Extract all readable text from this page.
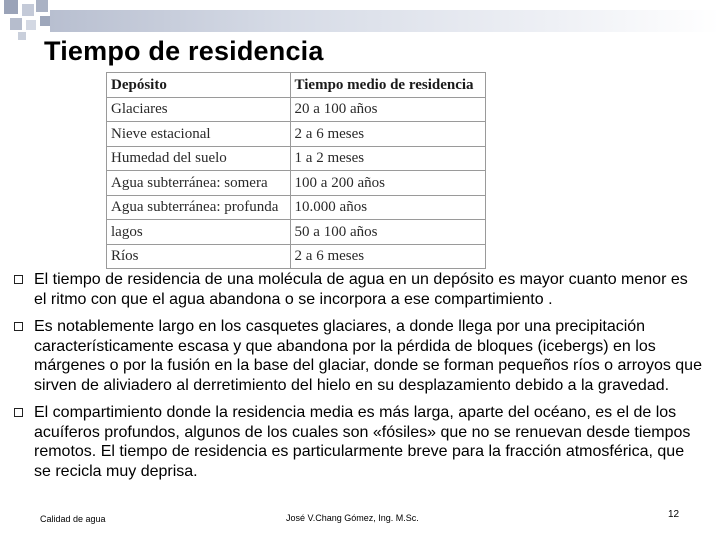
Tiempo de residencia
Depósito	Tiempo medio de residencia
Glaciares	20 a 100 años
Nieve estacional	2 a 6 meses
Humedad del suelo	1 a 2 meses
Agua subterránea: somera	100 a 200 años
Agua subterránea: profunda	10.000 años
lagos	50 a 100 años
Ríos	2 a 6 meses
El tiempo de residencia de una molécula de agua en un depósito es mayor cuanto menor es el ritmo con que el agua abandona o se incorpora a ese compartimiento .
Es notablemente largo en los casquetes glaciares, a donde llega por una precipitación característicamente escasa y que abandona por la pérdida de bloques (icebergs) en los márgenes o por la fusión en la base del glaciar, donde se forman pequeños ríos o arroyos que sirven de aliviadero al derretimiento del hielo en su desplazamiento debido a la gravedad.
El compartimiento donde la residencia media es más larga, aparte del océano, es el de los acuíferos profundos, algunos de los cuales son «fósiles» que no se renuevan desde tiempos remotos. El tiempo de residencia es particularmente breve para la fracción atmosférica, que se recicla muy deprisa.
Calidad de agua	José V.Chang Gómez, Ing. M.Sc.	12
